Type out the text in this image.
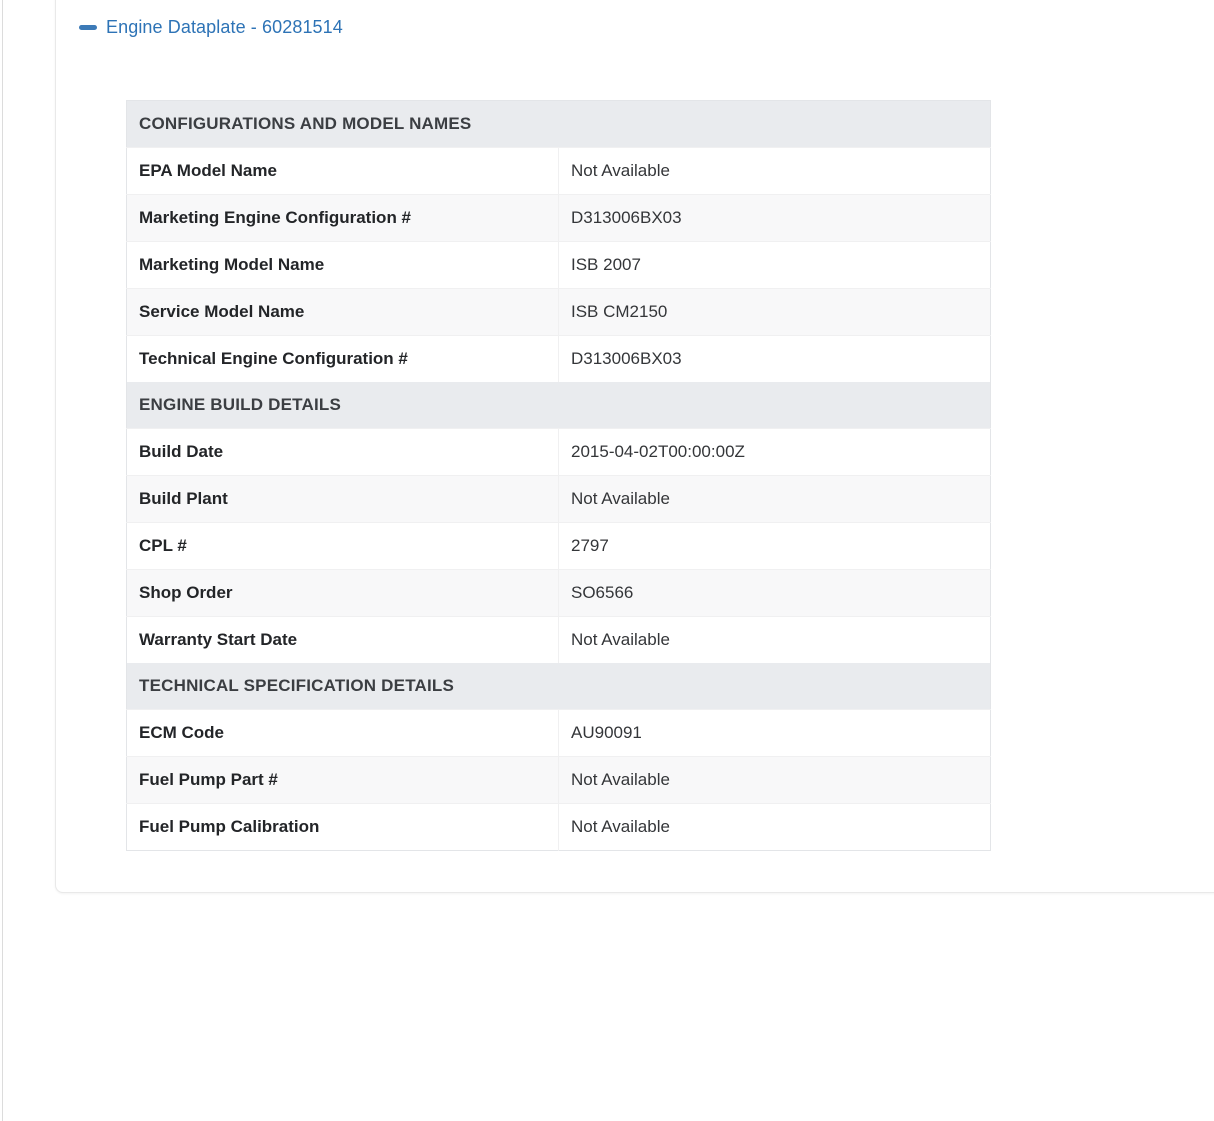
Engine Dataplate - 60281514
CONFIGURATIONS AND MODEL NAMES	
EPA Model Name	Not Available
Marketing Engine Configuration #	D313006BX03
Marketing Model Name	ISB 2007
Service Model Name	ISB CM2150
Technical Engine Configuration #	D313006BX03
ENGINE BUILD DETAILS	
Build Date	2015-04-02T00:00:00Z
Build Plant	Not Available
CPL #	2797
Shop Order	SO6566
Warranty Start Date	Not Available
TECHNICAL SPECIFICATION DETAILS	
ECM Code	AU90091
Fuel Pump Part #	Not Available
Fuel Pump Calibration	Not Available
